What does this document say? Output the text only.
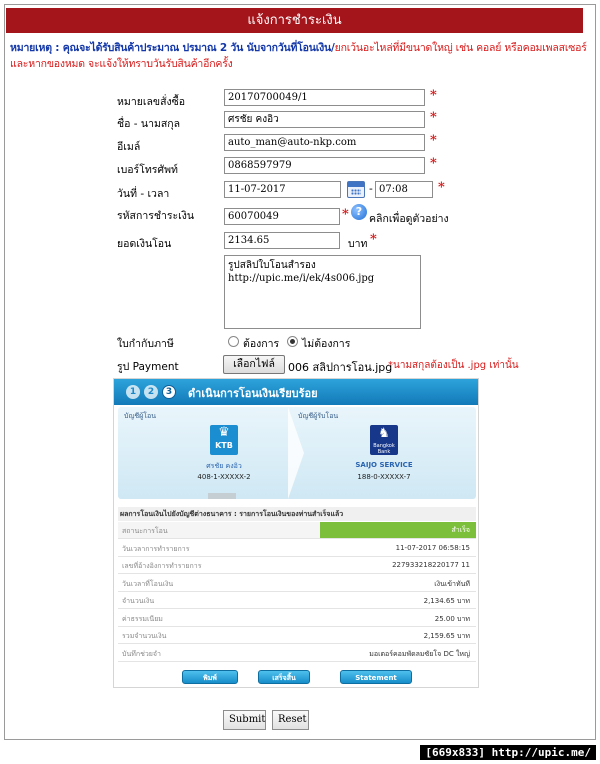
แจ้งการชำระเงิน
หมายเหตุ : คุณจะได้รับสินค้าประมาณ ปรมาณ 2 วัน นับจากวันที่โอนเงิน/ยกเว้นอะไหล่ที่มีขนาดใหญ่ เช่น คอลย์ หรือคอมเพลสเซอร์ และหากของหมด จะแจ้งให้ทราบวันรับสินค้าอีกครั้ง
หมายเลขสั่งซื้อ	20170700049/1	*
ชื่อ - นามสกุล	ศรชัย คงอิว	*
อีเมล์	auto_man@auto-nkp.com	*
เบอร์โทรศัพท์	0868597979	*
วันที่ - เวลา	11-07-2017	- 07:08	*
รหัสการชำระเงิน	60070049	* ?
คลิกเพื่อดูตัวอย่าง
ยอดเงินโอน	2134.65	บาท *
รูปสลิปใบโอนสำรอง http://upic.me/i/ek/4s006.jpg
ใบกำกับภาษี	ต้องการ ไม่ต้องการ
รูป Payment	เลือกไฟล์	006 สลิปการโอน.jpg
*นามสกุลต้องเป็น .jpg เท่านั้น
1	2	3	ดำเนินการโอนเงินเรียบร้อย
บัญชีผู้โอน	บัญชีผู้รับโอน
♛
KTB
ศรชัย คงอิว
408-1-XXXXX-2
♞
Bangkok Bank
SAIJO SERVICE
188-0-XXXXX-7
ผลการโอนเงินไปยังบัญชีต่างธนาคาร : รายการโอนเงินของท่านสำเร็จแล้ว
สถานะการโอน	สำเร็จ
วันเวลาการทำรายการ	11-07-2017 06:58:15
เลขที่อ้างอิงการทำรายการ	227933218220177 11
วันเวลาที่โอนเงิน	เงินเข้าทันที
จำนวนเงิน	2,134.65 บาท
ค่าธรรมเนียม	25.00 บาท
รวมจำนวนเงิน	2,159.65 บาท
บันทึกช่วยจำ	มอเตอร์คอมพัดลมซัยโจ DC ใหญ่
พิมพ์	เสร็จสิ้น	Statement
Submit	Reset
[669x833] http://upic.me/
